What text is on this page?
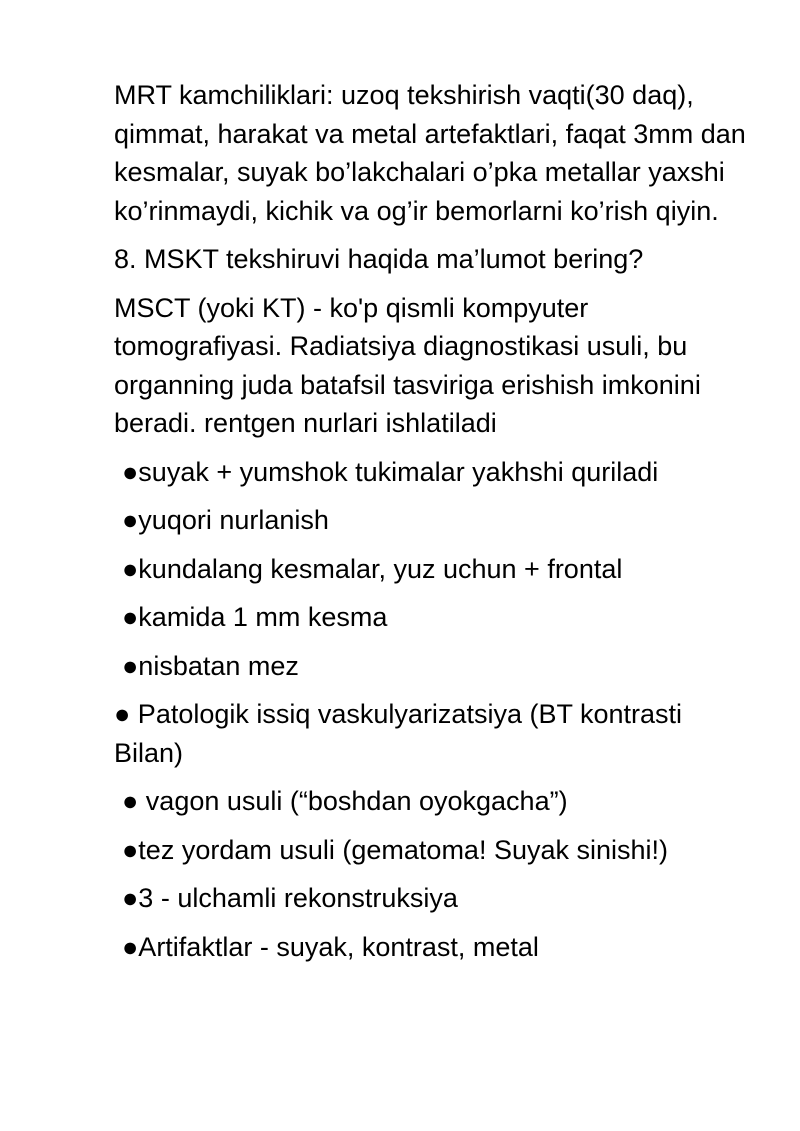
MRT kamchiliklari: uzoq tekshirish vaqti(30 daq), qimmat, harakat va metal artefaktlari, faqat 3mm dan kesmalar, suyak bo’lakchalari o’pka metallar yaxshi ko’rinmaydi, kichik va og’ir bemorlarni ko’rish qiyin.

8. MSKT tekshiruvi haqida ma’lumot bering?

MSCT (yoki KT) - ko'p qismli kompyuter tomografiyasi. Radiatsiya diagnostikasi usuli, bu organning juda batafsil tasviriga erishish imkonini beradi. rentgen nurlari ishlatiladi

●suyak + yumshok tukimalar yakhshi quriladi
●yuqori nurlanish
●kundalang kesmalar, yuz uchun + frontal
●kamida 1 mm kesma
●nisbatan mez
● Patologik issiq vaskulyarizatsiya (BT kontrasti Bilan)
● vagon usuli (“boshdan oyokgacha”)
●tez yordam usuli (gematoma! Suyak sinishi!)
●3 - ulchamli rekonstruksiya
●Artifaktlar - suyak, kontrast, metal
